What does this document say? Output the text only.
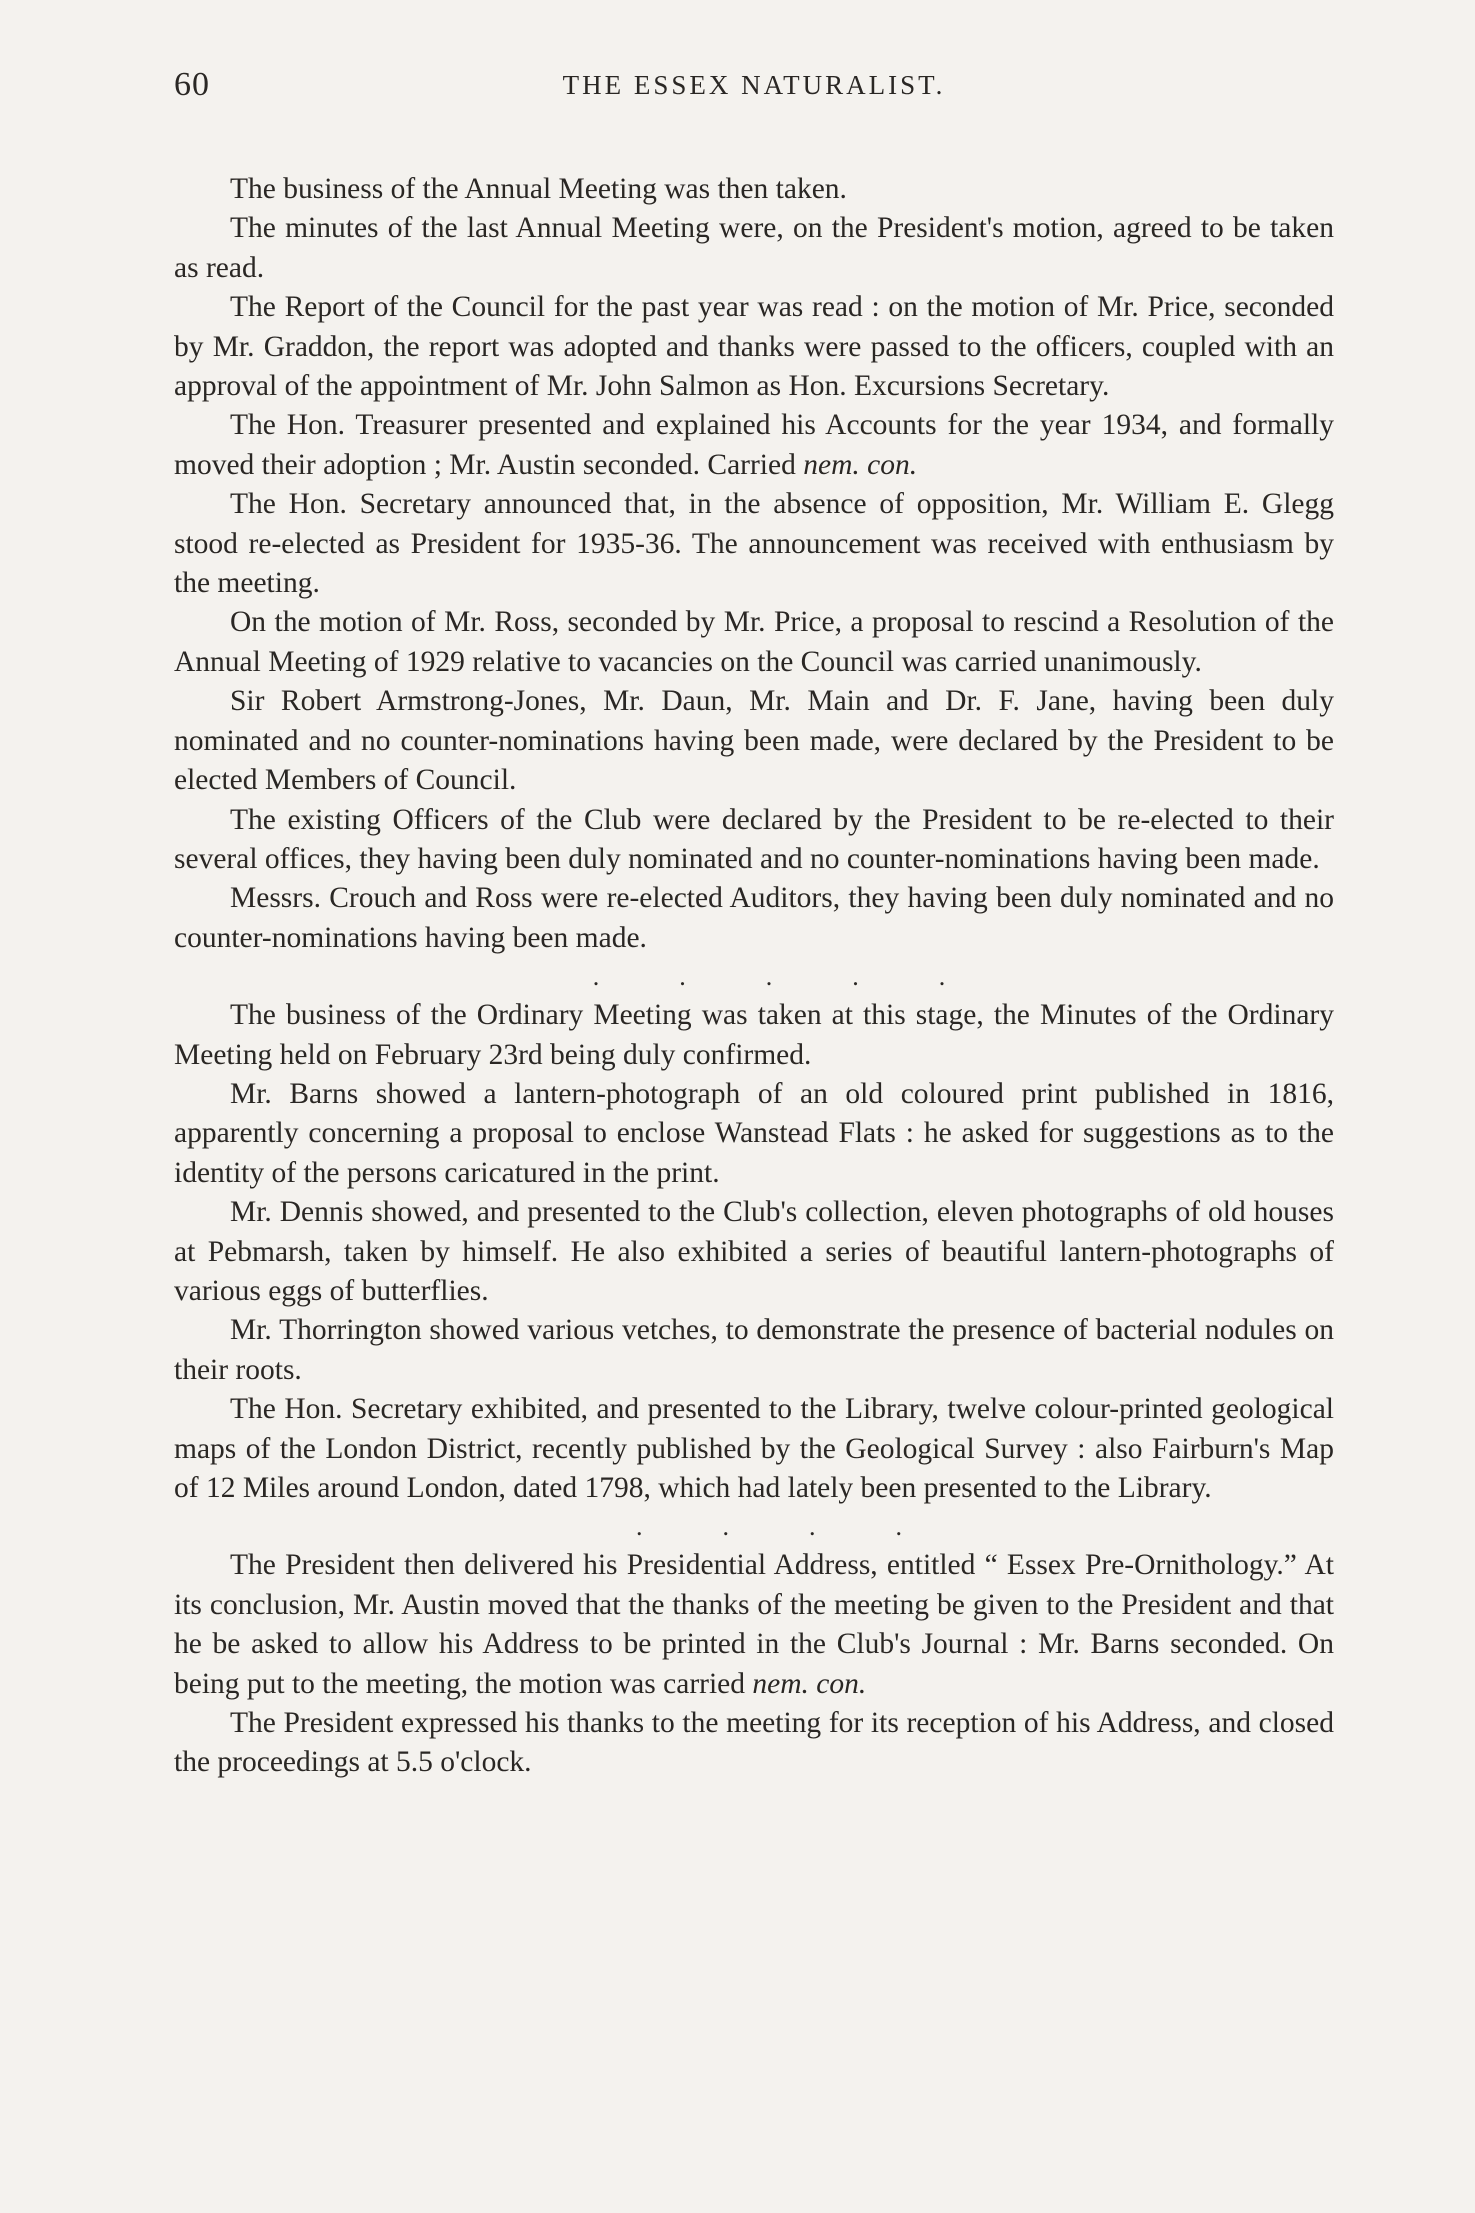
60	THE ESSEX NATURALIST.

The business of the Annual Meeting was then taken.

The minutes of the last Annual Meeting were, on the President's motion, agreed to be taken as read.

The Report of the Council for the past year was read : on the motion of Mr. Price, seconded by Mr. Graddon, the report was adopted and thanks were passed to the officers, coupled with an approval of the appointment of Mr. John Salmon as Hon. Excursions Secretary.

The Hon. Treasurer presented and explained his Accounts for the year 1934, and formally moved their adoption ; Mr. Austin seconded. Carried nem. con.

The Hon. Secretary announced that, in the absence of opposition, Mr. William E. Glegg stood re-elected as President for 1935-36. The announcement was received with enthusiasm by the meeting.

On the motion of Mr. Ross, seconded by Mr. Price, a proposal to rescind a Resolution of the Annual Meeting of 1929 relative to vacancies on the Council was carried unanimously.

Sir Robert Armstrong-Jones, Mr. Daun, Mr. Main and Dr. F. Jane, having been duly nominated and no counter-nominations having been made, were declared by the President to be elected Members of Council.

The existing Officers of the Club were declared by the President to be re-elected to their several offices, they having been duly nominated and no counter-nominations having been made.

Messrs. Crouch and Ross were re-elected Auditors, they having been duly nominated and no counter-nominations having been made.

.	.	.	.	.

The business of the Ordinary Meeting was taken at this stage, the Minutes of the Ordinary Meeting held on February 23rd being duly confirmed.

Mr. Barns showed a lantern-photograph of an old coloured print published in 1816, apparently concerning a proposal to enclose Wanstead Flats : he asked for suggestions as to the identity of the persons caricatured in the print.

Mr. Dennis showed, and presented to the Club's collection, eleven photographs of old houses at Pebmarsh, taken by himself. He also exhibited a series of beautiful lantern-photographs of various eggs of butterflies.

Mr. Thorrington showed various vetches, to demonstrate the presence of bacterial nodules on their roots.

The Hon. Secretary exhibited, and presented to the Library, twelve colour-printed geological maps of the London District, recently published by the Geological Survey : also Fairburn's Map of 12 Miles around London, dated 1798, which had lately been presented to the Library.

.	.	.	.

The President then delivered his Presidential Address, entitled “ Essex Pre-Ornithology.” At its conclusion, Mr. Austin moved that the thanks of the meeting be given to the President and that he be asked to allow his Address to be printed in the Club's Journal : Mr. Barns seconded. On being put to the meeting, the motion was carried nem. con.

The President expressed his thanks to the meeting for its reception of his Address, and closed the proceedings at 5.5 o'clock.
